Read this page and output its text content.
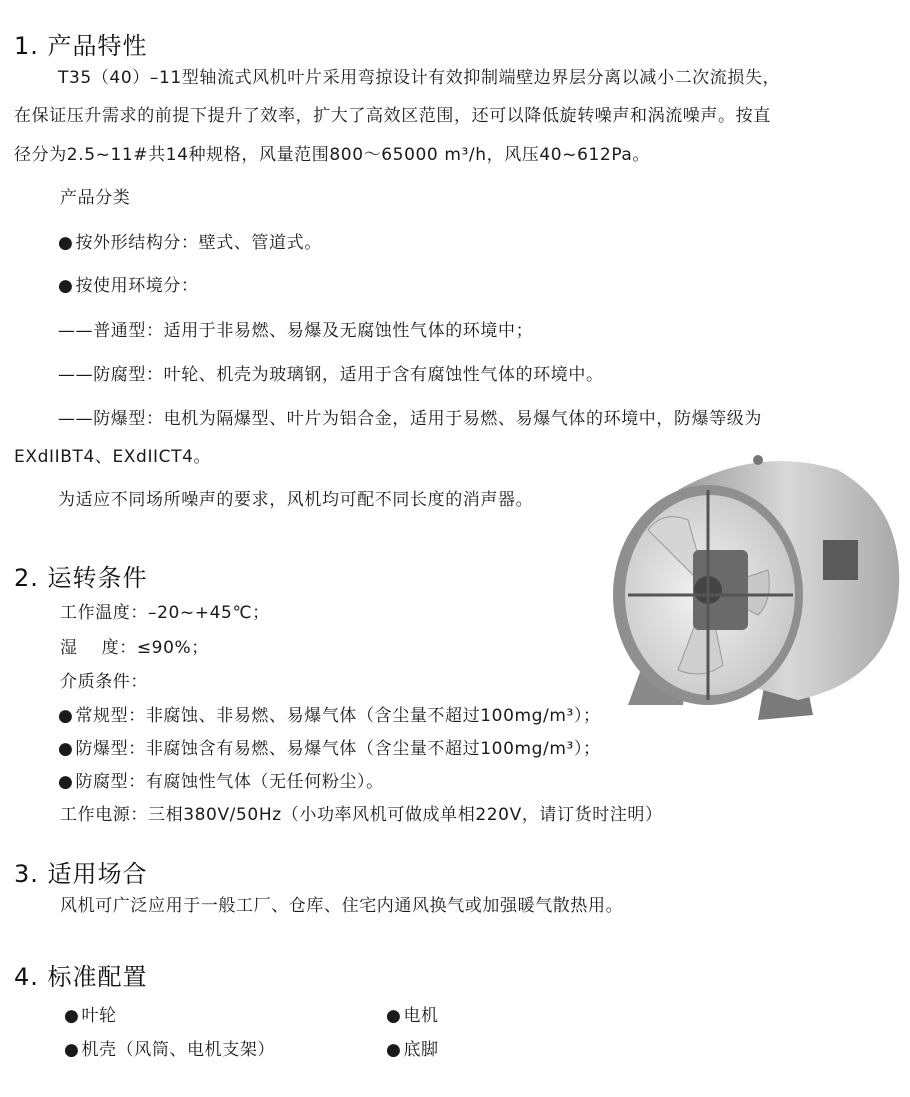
1. 产品特性
T35（40）–11型轴流式风机叶片采用弯掠设计有效抑制端壁边界层分离以减小二次流损失，
在保证压升需求的前提下提升了效率，扩大了高效区范围，还可以降低旋转噪声和涡流噪声。按直
径分为2.5~11#共14种规格，风量范围800～65000 m³/h，风压40~612Pa。
产品分类
● 按外形结构分：壁式、管道式。
● 按使用环境分：
——普通型：适用于非易燃、易爆及无腐蚀性气体的环境中；
——防腐型：叶轮、机壳为玻璃钢，适用于含有腐蚀性气体的环境中。
——防爆型：电机为隔爆型、叶片为铝合金，适用于易燃、易爆气体的环境中，防爆等级为
EXdIIBT4、EXdIICT4。
为适应不同场所噪声的要求，风机均可配不同长度的消声器。
2. 运转条件
工作温度：–20~+45℃；
湿    度：≤90%；
介质条件：
● 常规型：非腐蚀、非易燃、易爆气体（含尘量不超过100mg/m³）；
● 防爆型：非腐蚀含有易燃、易爆气体（含尘量不超过100mg/m³）；
● 防腐型：有腐蚀性气体（无任何粉尘）。
工作电源：三相380V/50Hz（小功率风机可做成单相220V，请订货时注明）
3. 适用场合
风机可广泛应用于一般工厂、仓库、住宅内通风换气或加强暖气散热用。
4. 标准配置
● 叶轮	● 电机
● 机壳（风筒、电机支架）	● 底脚
